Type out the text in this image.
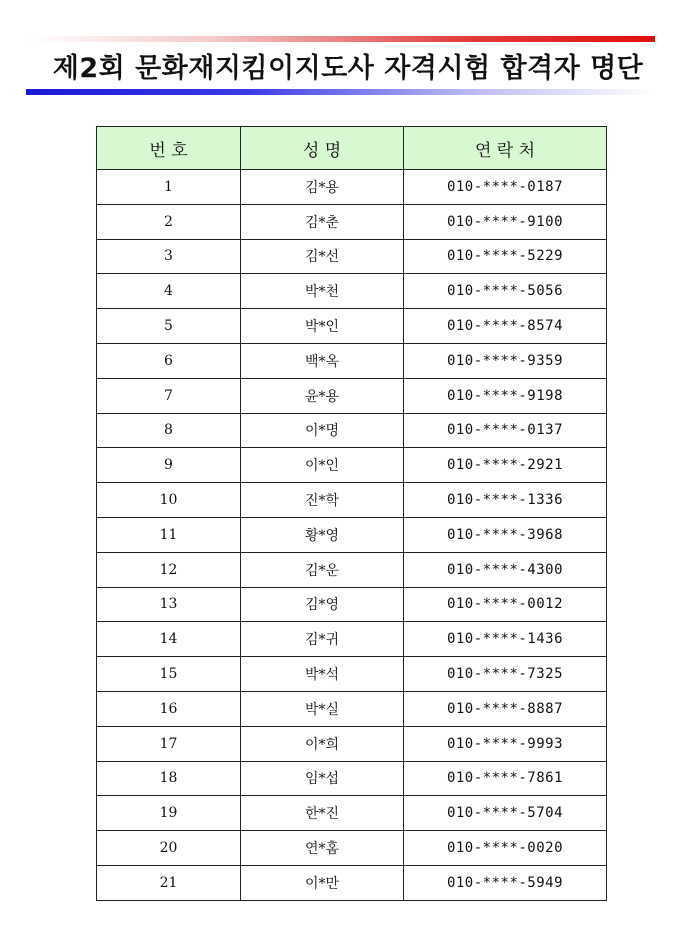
제2회 문화재지킴이지도사 자격시험 합격자 명단
번 호	성 명	연 락 처
1	김*용	010-****-0187
2	김*춘	010-****-9100
3	김*선	010-****-5229
4	박*천	010-****-5056
5	박*인	010-****-8574
6	백*옥	010-****-9359
7	윤*용	010-****-9198
8	이*명	010-****-0137
9	이*인	010-****-2921
10	진*학	010-****-1336
11	황*영	010-****-3968
12	김*운	010-****-4300
13	김*영	010-****-0012
14	김*귀	010-****-1436
15	박*석	010-****-7325
16	박*실	010-****-8887
17	이*희	010-****-9993
18	임*섭	010-****-7861
19	한*진	010-****-5704
20	연*홈	010-****-0020
21	이*만	010-****-5949
